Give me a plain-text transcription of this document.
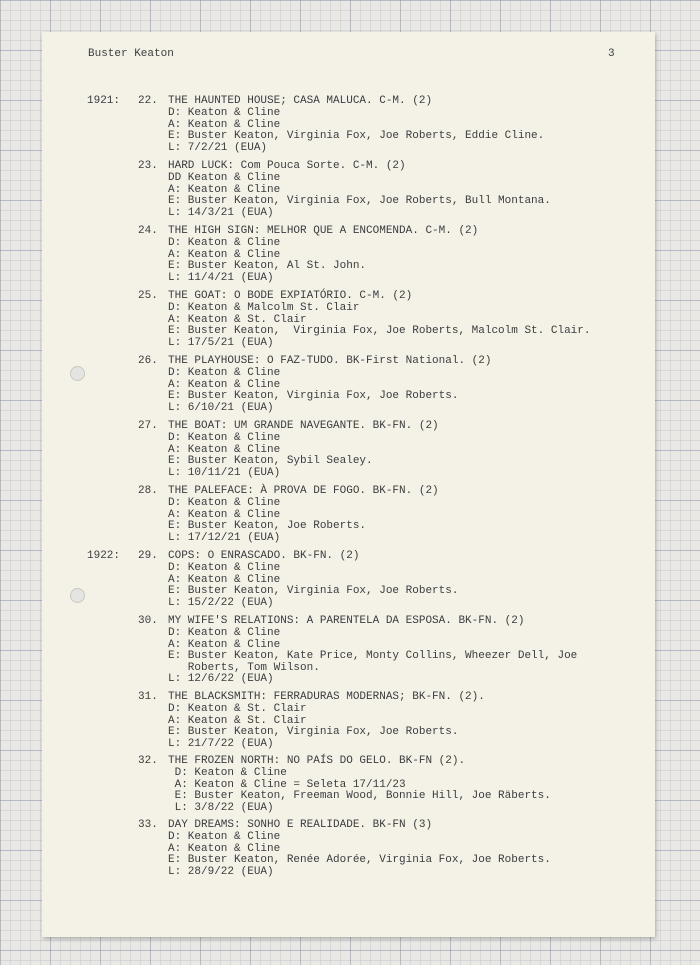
Buster Keaton	3
1921: 22. THE HAUNTED HOUSE; CASA MALUCA. C-M. (2)
D: Keaton & Cline
A: Keaton & Cline
E: Buster Keaton, Virginia Fox, Joe Roberts, Eddie Cline.
L: 7/2/21 (EUA)
23. HARD LUCK: Com Pouca Sorte. C-M. (2)
DD Keaton & Cline
A: Keaton & Cline
E: Buster Keaton, Virginia Fox, Joe Roberts, Bull Montana.
L: 14/3/21 (EUA)
24. THE HIGH SIGN: MELHOR QUE A ENCOMENDA. C-M. (2)
D: Keaton & Cline
A: Keaton & Cline
E: Buster Keaton, Al St. John.
L: 11/4/21 (EUA)
25. THE GOAT: O BODE EXPIATÓRIO. C-M. (2)
D: Keaton & Malcolm St. Clair
A: Keaton & St. Clair
E: Buster Keaton,  Virginia Fox, Joe Roberts, Malcolm St. Clair.
L: 17/5/21 (EUA)
26. THE PLAYHOUSE: O FAZ-TUDO. BK-First National. (2)
D: Keaton & Cline
A: Keaton & Cline
E: Buster Keaton, Virginia Fox, Joe Roberts.
L: 6/10/21 (EUA)
27. THE BOAT: UM GRANDE NAVEGANTE. BK-FN. (2)
D: Keaton & Cline
A: Keaton & Cline
E: Buster Keaton, Sybil Sealey.
L: 10/11/21 (EUA)
28. THE PALEFACE: À PROVA DE FOGO. BK-FN. (2)
D: Keaton & Cline
A: Keaton & Cline
E: Buster Keaton, Joe Roberts.
L: 17/12/21 (EUA)
1922: 29. COPS: O ENRASCADO. BK-FN. (2)
D: Keaton & Cline
A: Keaton & Cline
E: Buster Keaton, Virginia Fox, Joe Roberts.
L: 15/2/22 (EUA)
30. MY WIFE'S RELATIONS: A PARENTELA DA ESPOSA. BK-FN. (2)
D: Keaton & Cline
A: Keaton & Cline
E: Buster Keaton, Kate Price, Monty Collins, Wheezer Dell, Joe
Roberts, Tom Wilson.
L: 12/6/22 (EUA)
31. THE BLACKSMITH: FERRADURAS MODERNAS; BK-FN. (2).
D: Keaton & St. Clair
A: Keaton & St. Clair
E: Buster Keaton, Virginia Fox, Joe Roberts.
L: 21/7/22 (EUA)
32. THE FROZEN NORTH: NO PAÍS DO GELO. BK-FN (2).
D: Keaton & Cline
A: Keaton & Cline = Seleta 17/11/23
E: Buster Keaton, Freeman Wood, Bonnie Hill, Joe Räberts.
L: 3/8/22 (EUA)
33. DAY DREAMS: SONHO E REALIDADE. BK-FN (3)
D: Keaton & Cline
A: Keaton & Cline
E: Buster Keaton, Renée Adorée, Virginia Fox, Joe Roberts.
L: 28/9/22 (EUA)
